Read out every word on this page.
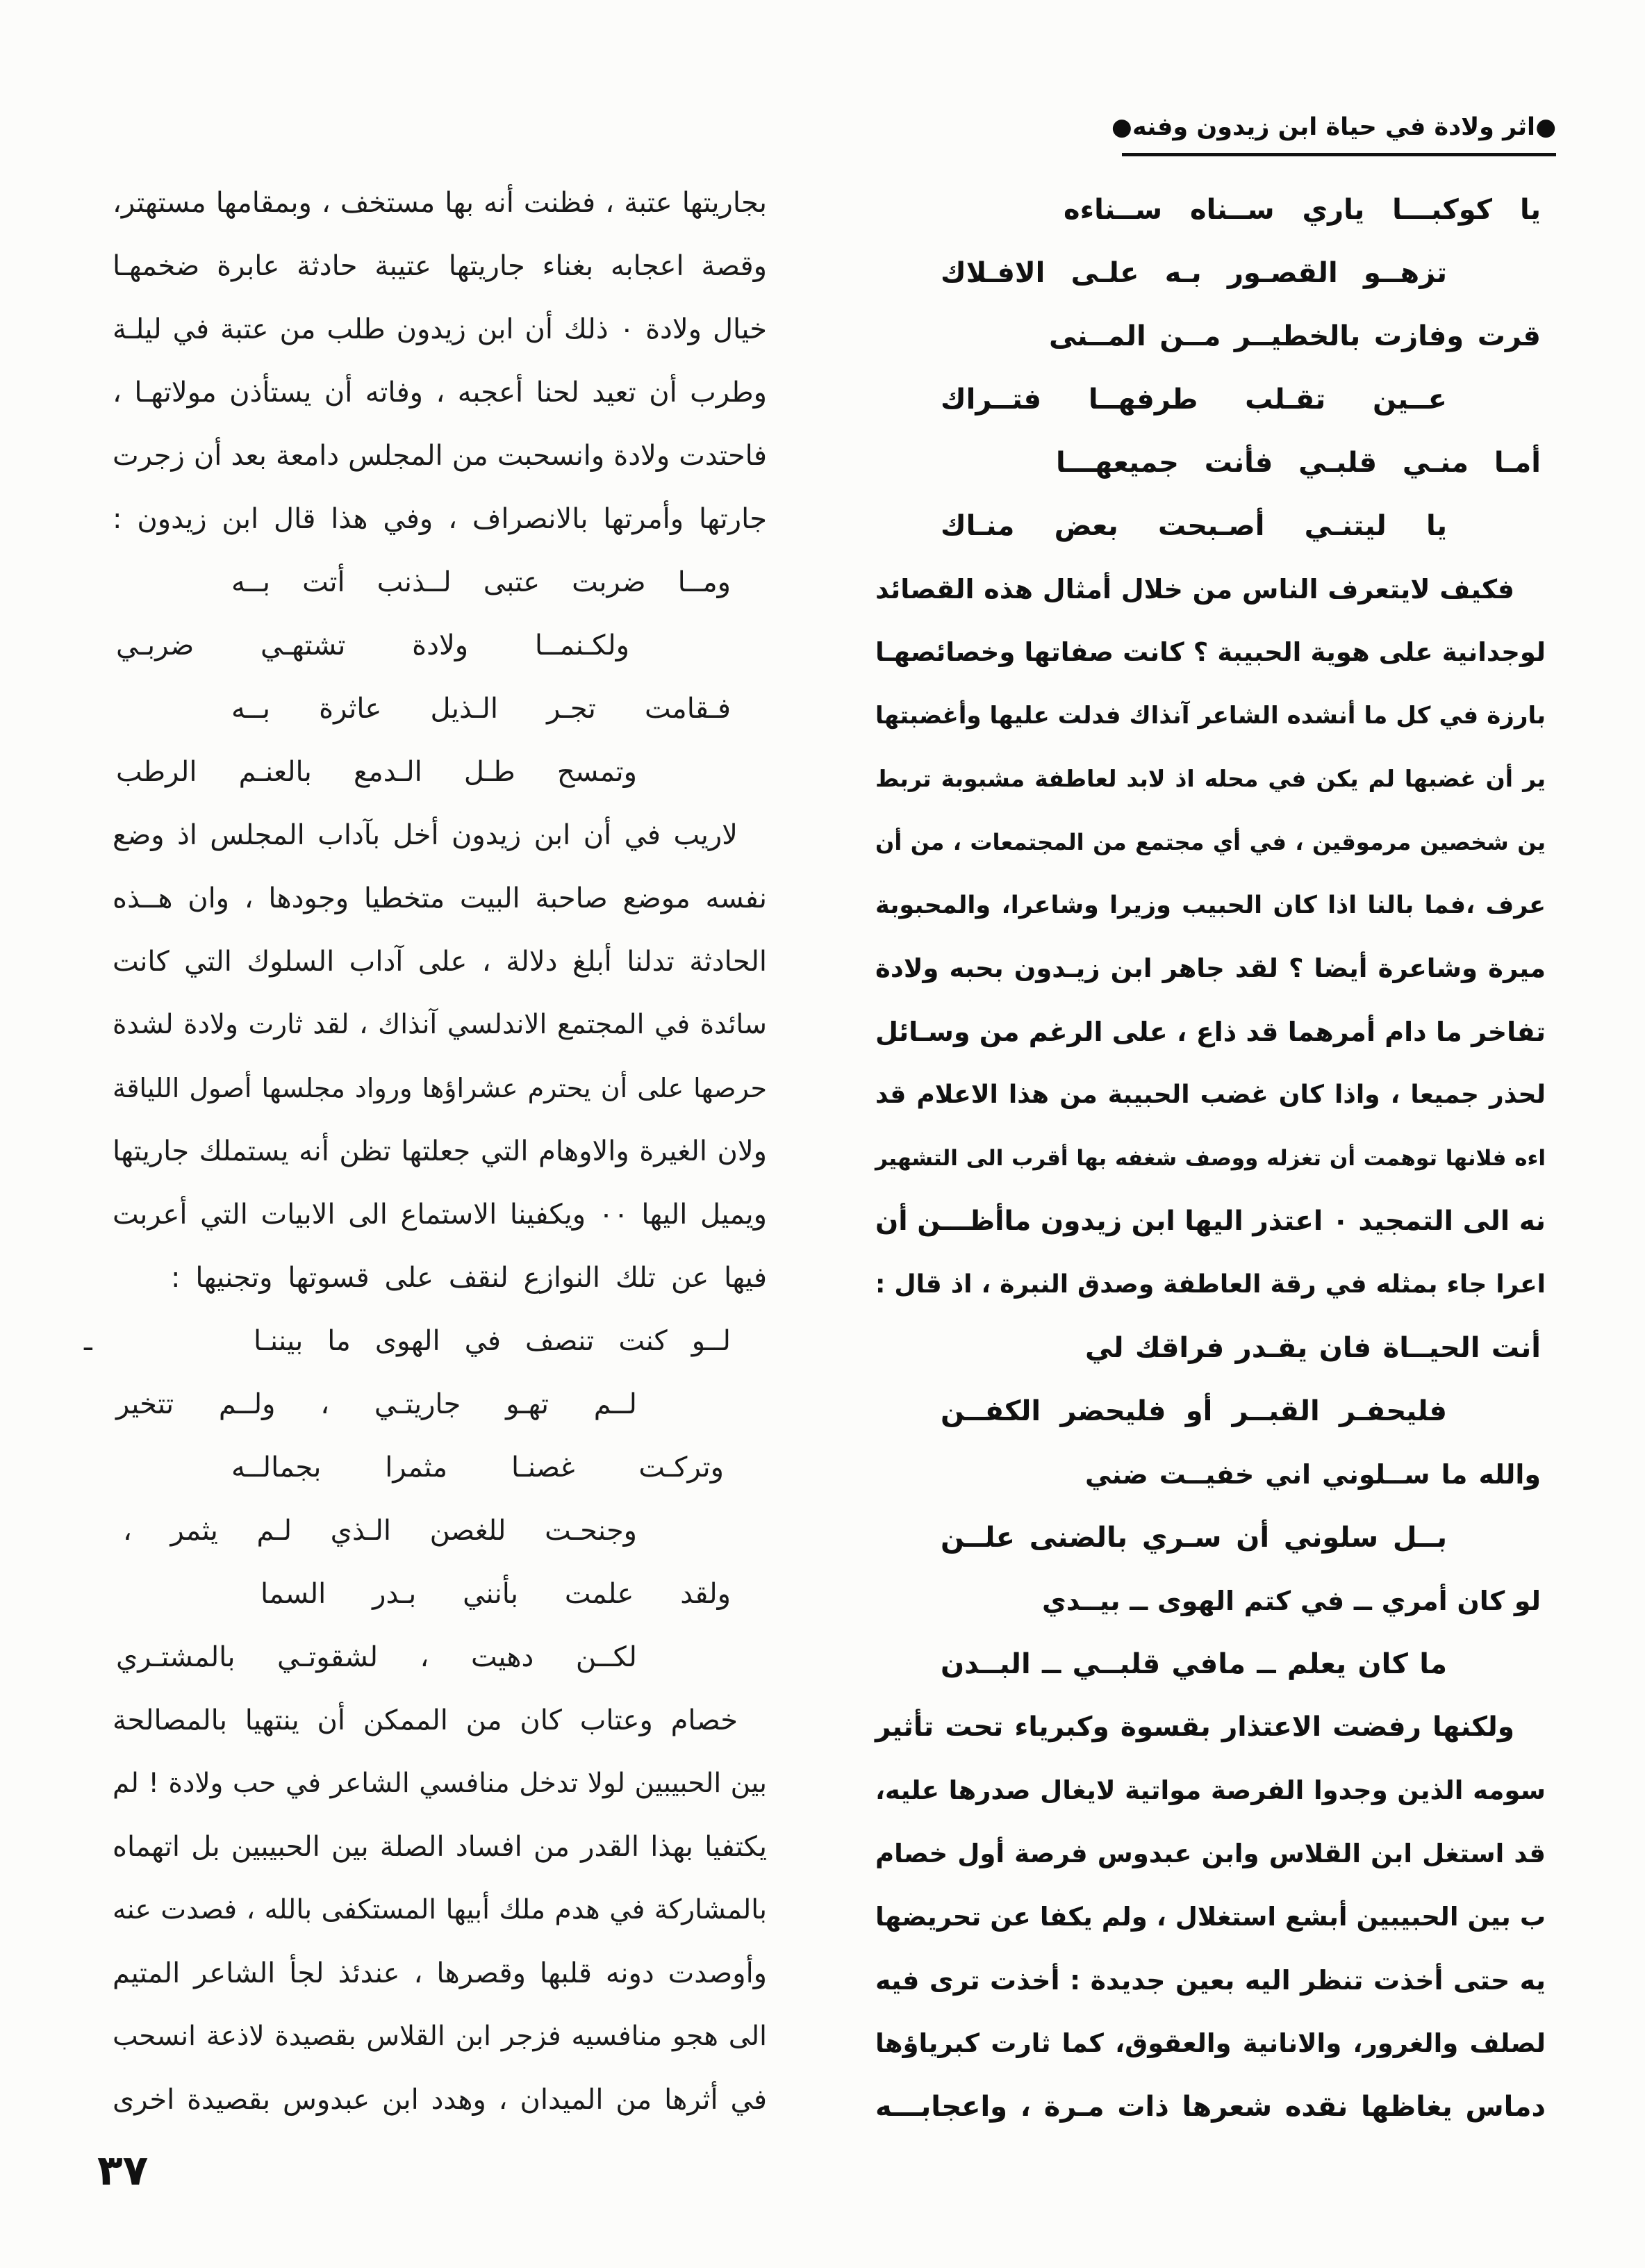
●
اثر ولادة في حياة ابن زيدون وفنه
●
يا كوكبـــا ياري ســناه ســناءه
تزهــو القصـور بـه علـى الافـلاك
قرت وفازت بالخطيــر مــن المــنى
عــين تقـلب طرفهــا فتــراك
أمـا منـي قلبـي فأنت جميعهـــا
يا ليتنـي أصـبحت بعض منـاك
فكيف لايتعرف الناس من خلال أمثال هذه القصائد
لوجدانية على هوية الحبيبة ؟ كانت صفاتها وخصائصهـا
بارزة في كل ما أنشده الشاعر آنذاك فدلت عليها وأغضبتها
ير أن غضبها لم يكن في محله اذ لابد لعاطفة مشبوبة تربط
ين شخصين مرموقين ، في أي مجتمع من المجتمعات ، من أن
عرف ،فما بالنا اذا كان الحبيب وزيرا وشاعرا، والمحبوبة
ميرة وشاعرة أيضا ؟ لقد جاهر ابن زيـدون بحبه ولادة
تفاخر ما دام أمرهما قد ذاع ، على الرغم من وسـائل
لحذر جميعا ، واذا كان غضب الحبيبة من هذا الاعلام قد
اءه فلانها توهمت أن تغزله ووصف شغفه بها أقرب الى التشهير
نه الى التمجيد ٠ اعتذر اليها ابن زيدون ماأظـــن أن
اعرا جاء بمثله في رقة العاطفة وصدق النبرة ، اذ قال :
أنت الحيــاة فان يقـدر فراقك لي
فليحفـر القبــر أو فليحضر الكفــن
والله ما ســلوني اني خفيــت ضني
بــل سلوني أن سـري بالضنى علــن
لو كان أمري ــ في كتم الهوى ــ بيــدي
ما كان يعلم ــ مافي قلبــي ــ البــدن
ولكنها رفضت الاعتذار بقسوة وكبرياء تحت تأثير
سومه الذين وجدوا الفرصة مواتية لايغال صدرها عليه،
قد استغل ابن القلاس وابن عبدوس فرصة أول خصام
ب بين الحبيبين أبشع استغلال ، ولم يكفا عن تحريضها
يه حتى أخذت تنظر اليه بعين جديدة : أخذت ترى فيه
لصلف والغرور، والانانية والعقوق، كما ثارت كبرياؤها
دماس يغاظها نقده شعرها ذات مـرة ، واعجابـــه
بجاريتها عتبة ، فظنت أنه بها مستخف ، وبمقامها مستهتر،
وقصة اعجابه بغناء جاريتها عتيبة حادثة عابرة ضخمهـا
خيال ولادة ٠ ذلك أن ابن زيدون طلب من عتبة في ليلـة
وطرب أن تعيد لحنا أعجبه ، وفاته أن يستأذن مولاتهـا ،
فاحتدت ولادة وانسحبت من المجلس دامعة بعد أن زجرت
جارتها وأمرتها بالانصراف ، وفي هذا قال ابن زيدون :
ومــا ضربت عتبى لــذنب أتت بــه
ولكـنمــا ولادة تشتهـي ضربـي
فـقامت تجـر الـذيل عاثرة بــه
وتمسح طـل الـدمع بالعنـم الرطب
لاريب في أن ابن زيدون أخل بآداب المجلس اذ وضع
نفسه موضع صاحبة البيت متخطيا وجودها ، وان هــذه
الحادثة تدلنا أبلغ دلالة ، على آداب السلوك التي كانت
سائدة في المجتمع الاندلسي آنذاك ، لقد ثارت ولادة لشدة
حرصها على أن يحترم عشراؤها ورواد مجلسها أصول اللياقة
ولان الغيرة والاوهام التي جعلتها تظن أنه يستملك جاريتها
ويميل اليها ٠٠ ويكفينا الاستماع الى الابيات التي أعربت
فيها عن تلك النوازع لنقف على قسوتها وتجنيها :
ـ	لــو كنت تنصف في الهوى ما بيننـا
لــم تهـو جاريتـي ، ولــم تتخير
وتركـت غصنـا مثمرا بجمالــه
وجنحـت للغصن الـذي لـم يثمر ،
ولقد علمت بأنني بـدر السما
لكــن دهيت ، لشقوتـي بالمشتـري
خصام وعتاب كان من الممكن أن ينتهيا بالمصالحة
بين الحبيبين لولا تدخل منافسي الشاعر في حب ولادة ! لم
يكتفيا بهذا القدر من افساد الصلة بين الحبيبين بل اتهماه
بالمشاركة في هدم ملك أبيها المستكفى بالله ، فصدت عنه
وأوصدت دونه قلبها وقصرها ، عندئذ لجأ الشاعر المتيم
الى هجو منافسيه فزجر ابن القلاس بقصيدة لاذعة انسحب
في أثرها من الميدان ، وهدد ابن عبدوس بقصيدة اخرى
٣٧
